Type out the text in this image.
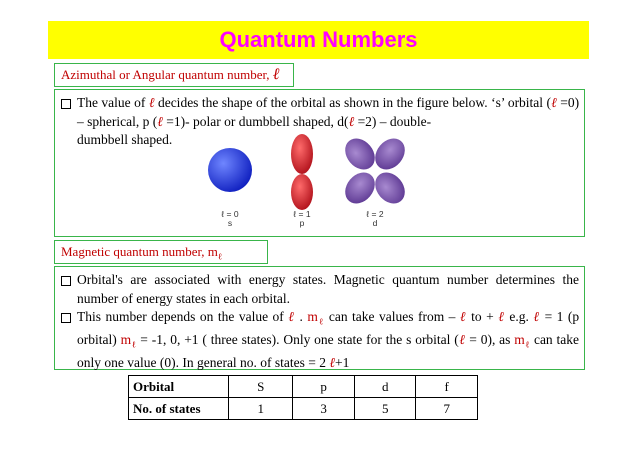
Quantum Numbers
Azimuthal or Angular quantum number, ℓ
The value of ℓ decides the shape of the orbital as shown in the figure below. ‘s’ orbital (ℓ =0) – spherical, p (ℓ =1)- polar or dumbbell shaped, d(ℓ =2) – double-
dumbbell shaped.
ℓ = 0
s
ℓ = 1
p
ℓ = 2
d
Magnetic quantum number, $m_\ell$
Orbital's are associated with energy states. Magnetic quantum number determines the number of energy states in each orbital.
This number depends on the value of ℓ . $m_\ell$ can take values from – ℓ to + ℓ e.g. ℓ = 1 (p orbital) $m_\ell = -1$, 0, +1 ( three states). Only one state for the s orbital (ℓ = 0), as $m_\ell$ can take only one value (0). In general no. of states = 2 ℓ+1
Orbital	S	p	d	f
No. of states	1	3	5	7
